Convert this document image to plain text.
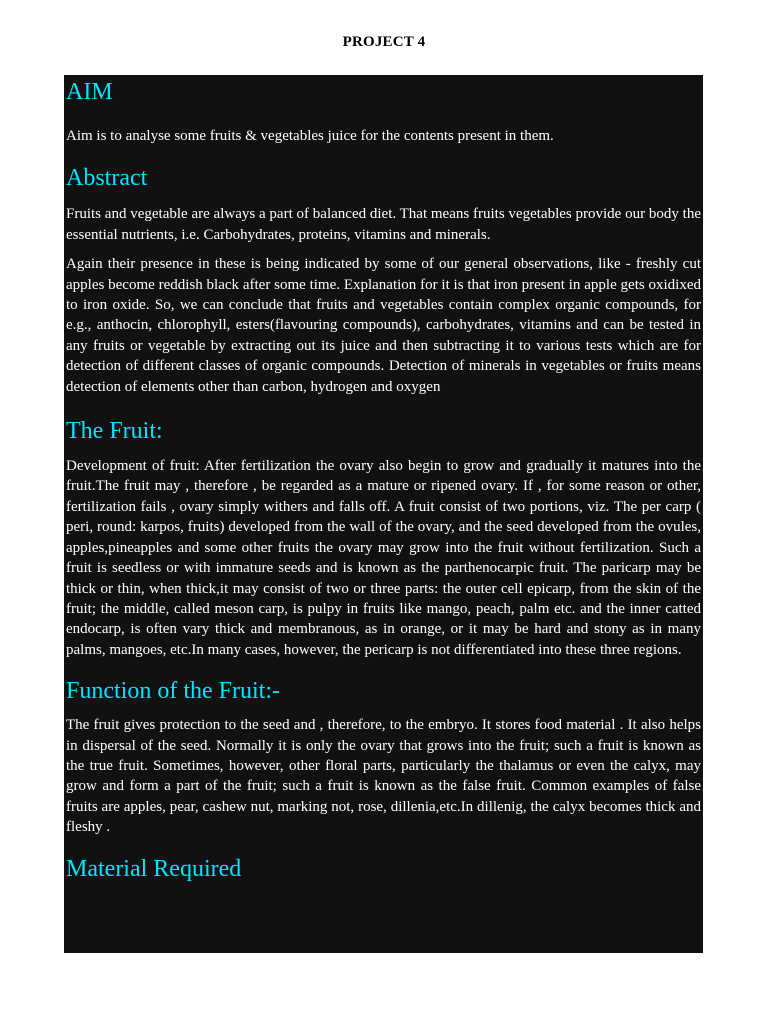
PROJECT 4
AIM

Aim is to analyse some fruits & vegetables juice for the contents present in them.

Abstract

Fruits and vegetable are always a part of balanced diet. That means fruits vegetables provide our body the essential nutrients, i.e. Carbohydrates, proteins, vitamins and minerals.

Again their presence in these is being indicated by some of our general observations, like - freshly cut apples become reddish black after some time. Explanation for it is that iron present in apple gets oxidixed to iron oxide. So, we can conclude that fruits and vegetables contain complex organic compounds, for e.g., anthocin, chlorophyll, esters(flavouring compounds), carbohydrates, vitamins and can be tested in any fruits or vegetable by extracting out its juice and then subtracting it to various tests which are for detection of different classes of organic compounds. Detection of minerals in vegetables or fruits means detection of elements other than carbon, hydrogen and oxygen

The Fruit:

Development of fruit: After fertilization the ovary also begin to grow and gradually it matures into the fruit.The fruit may , therefore , be regarded as a mature or ripened ovary. If , for some reason or other, fertilization fails , ovary simply withers and falls off. A fruit consist of two portions, viz. The per carp ( peri, round: karpos, fruits) developed from the wall of the ovary, and the seed developed from the ovules, apples,pineapples and some other fruits the ovary may grow into the fruit without fertilization. Such a fruit is seedless or with immature seeds and is known as the parthenocarpic fruit. The paricarp may be thick or thin, when thick,it may consist of two or three parts: the outer cell epicarp, from the skin of the fruit; the middle, called meson carp, is pulpy in fruits like mango, peach, palm etc. and the inner catted endocarp, is often vary thick and membranous, as in orange, or it may be hard and stony as in many palms, mangoes, etc.In many cases, however, the pericarp is not differentiated into these three regions.

Function of the Fruit:-

The fruit gives protection to the seed and , therefore, to the embryo. It stores food material . It also helps in dispersal of the seed. Normally it is only the ovary that grows into the fruit; such a fruit is known as the true fruit. Sometimes, however, other floral parts, particularly the thalamus or even the calyx, may grow and form a part of the fruit; such a fruit is known as the false fruit. Common examples of false fruits are apples, pear, cashew nut, marking not, rose, dillenia,etc.In dillenig, the calyx becomes thick and fleshy .

Material Required
